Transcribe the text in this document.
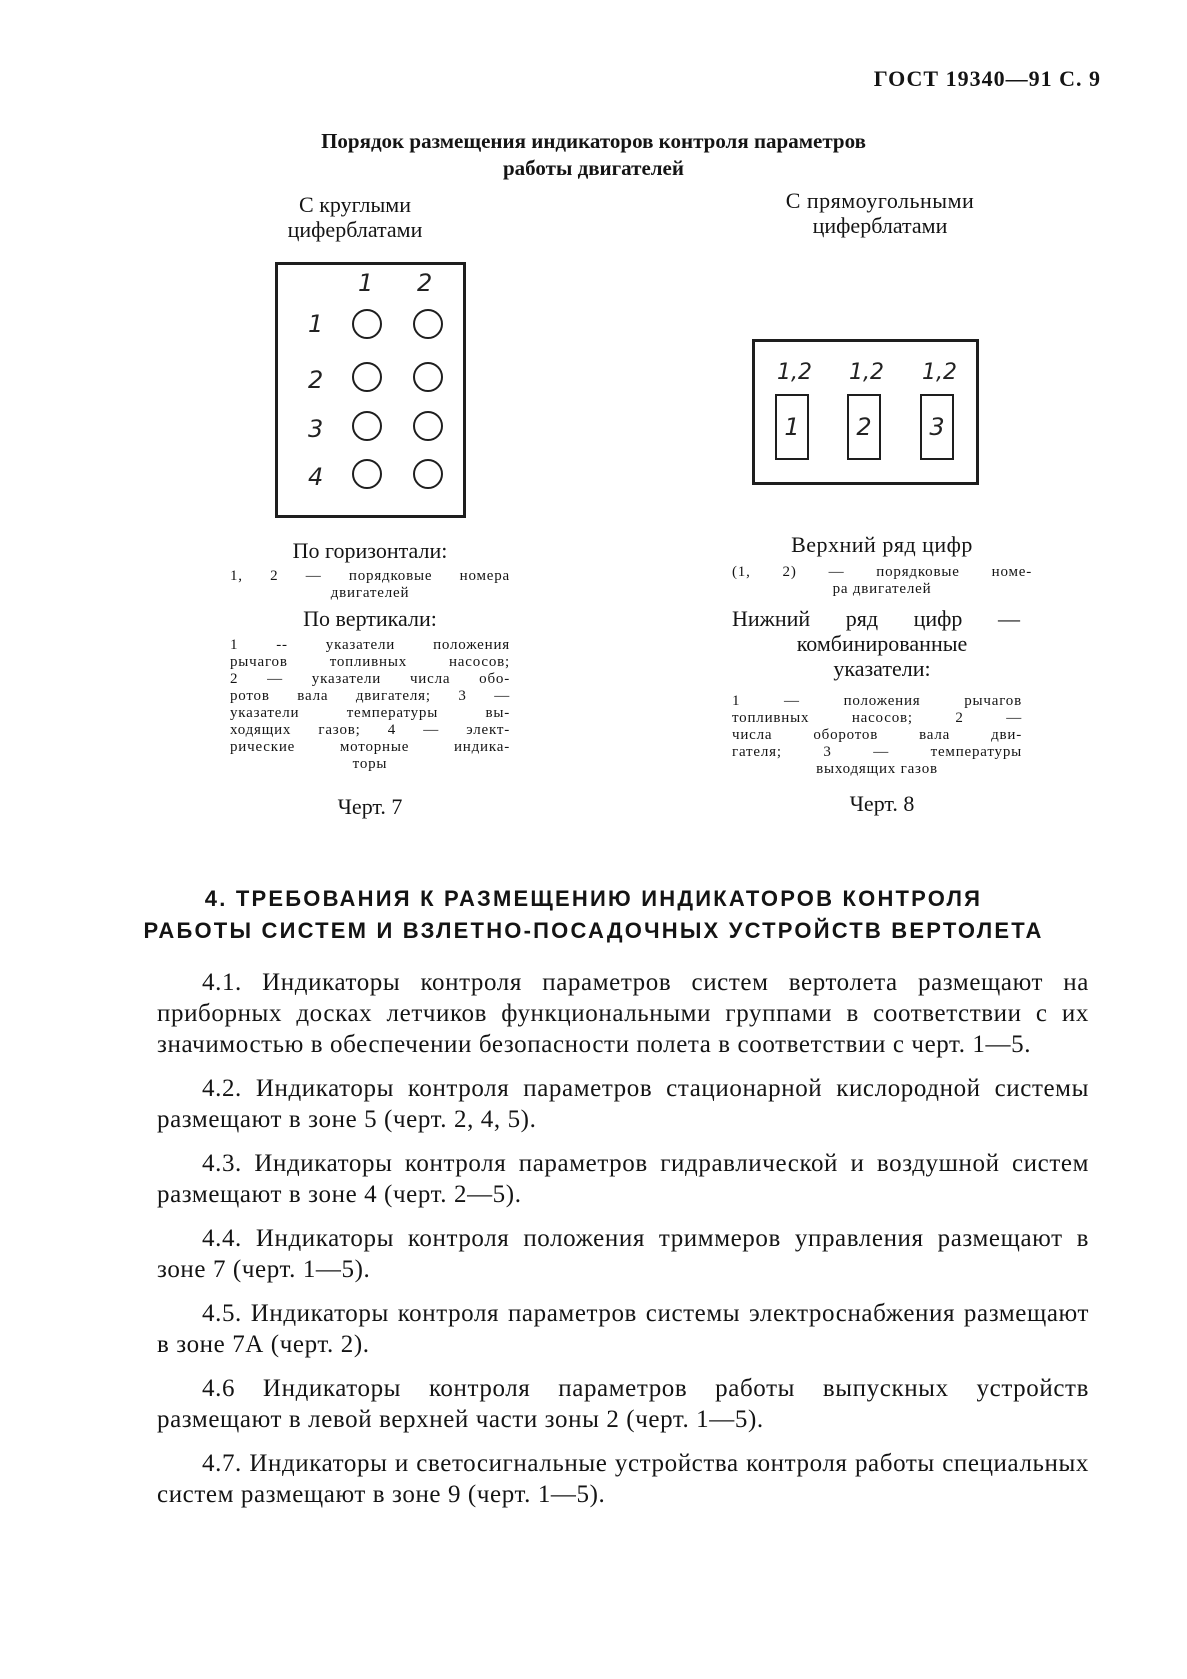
ГОСТ 19340—91 С. 9
Порядок размещения индикаторов контроля параметров
работы двигателей
С круглыми
циферблатами
1 2
1
2
3
4
По горизонтали:
1, 2 — порядковые номера
двигателей
По вертикали:
1 -- указатели положения
рычагов топливных насосов;
2 — указатели числа обо-
ротов вала двигателя; 3 —
указатели температуры вы-
ходящих газов; 4 — элект-
рические моторные индика-
торы
Черт. 7
С прямоугольными
циферблатами
1,2 1,2 1,2
1	2	3
Верхний ряд цифр
(1, 2) — порядковые номе-
ра двигателей
Нижний ряд цифр —
комбинированные
указатели:
1 — положения рычагов
топливных насосов; 2 —
числа оборотов вала дви-
гателя; 3 — температуры
выходящих газов
Черт. 8
4. ТРЕБОВАНИЯ К РАЗМЕЩЕНИЮ ИНДИКАТОРОВ КОНТРОЛЯ
РАБОТЫ СИСТЕМ И ВЗЛЕТНО-ПОСАДОЧНЫХ УСТРОЙСТВ ВЕРТОЛЕТА

4.1. Индикаторы контроля параметров систем вертолета размещают на приборных досках летчиков функциональными группами в соответствии с их значимостью в обеспечении безопасности полета в соответствии с черт. 1—5.

4.2. Индикаторы контроля параметров стационарной кислородной системы размещают в зоне 5 (черт. 2, 4, 5).

4.3. Индикаторы контроля параметров гидравлической и воздушной систем размещают в зоне 4 (черт. 2—5).

4.4. Индикаторы контроля положения триммеров управления размещают в зоне 7 (черт. 1—5).

4.5. Индикаторы контроля параметров системы электроснабжения размещают в зоне 7А (черт. 2).

4.6 Индикаторы контроля параметров работы выпускных устройств размещают в левой верхней части зоны 2 (черт. 1—5).

4.7. Индикаторы и светосигнальные устройства контроля работы специальных систем размещают в зоне 9 (черт. 1—5).
